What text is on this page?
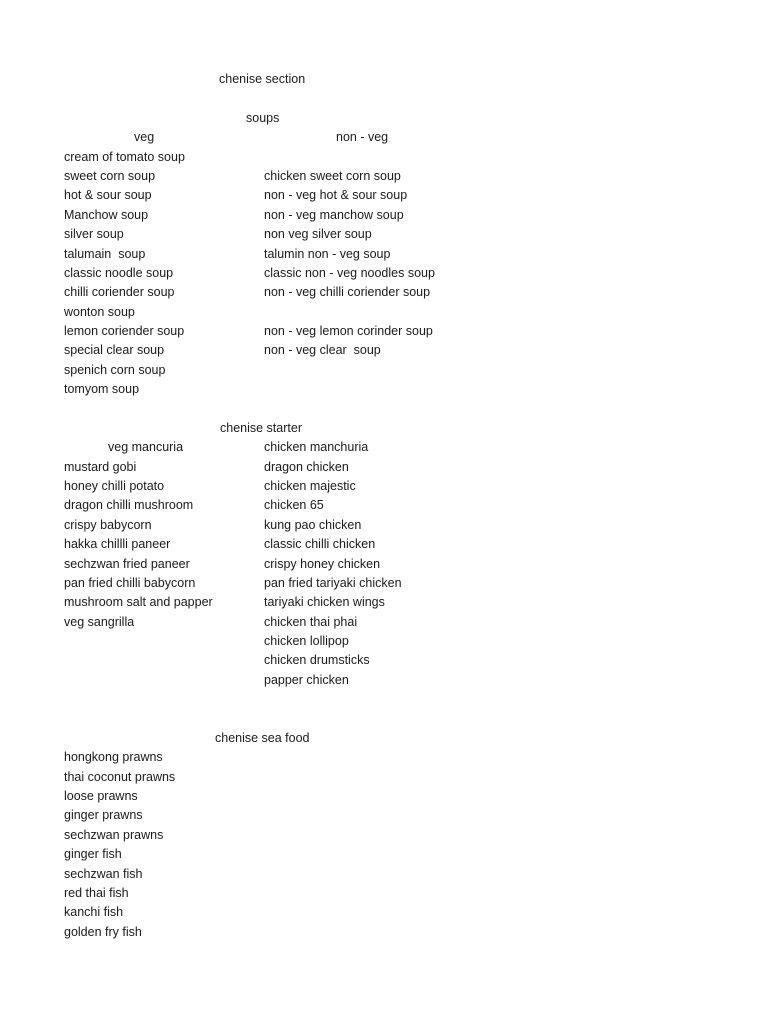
chenise section
soups
veg	non - veg
cream of tomato soup
sweet corn soup
hot & sour soup
Manchow soup
silver soup
talumain  soup
classic noodle soup
chilli coriender soup
wonton soup
lemon coriender soup
special clear soup
spenich corn soup
tomyom soup
chicken sweet corn soup
non - veg hot & sour soup
non - veg manchow soup
non veg silver soup
talumin non - veg soup
classic non - veg noodles soup
non - veg chilli coriender soup
non - veg lemon corinder soup
non - veg clear  soup
chenise starter
veg mancuria
mustard gobi
honey chilli potato
dragon chilli mushroom
crispy babycorn
hakka chillli paneer
sechzwan fried paneer
pan fried chilli babycorn
mushroom salt and papper
veg sangrilla
chicken manchuria
dragon chicken
chicken majestic
chicken 65
kung pao chicken
classic chilli chicken
crispy honey chicken
pan fried tariyaki chicken
tariyaki chicken wings
chicken thai phai
chicken lollipop
chicken drumsticks
papper chicken
chenise sea food
hongkong prawns
thai coconut prawns
loose prawns
ginger prawns
sechzwan prawns
ginger fish
sechzwan fish
red thai fish
kanchi fish
golden fry fish
